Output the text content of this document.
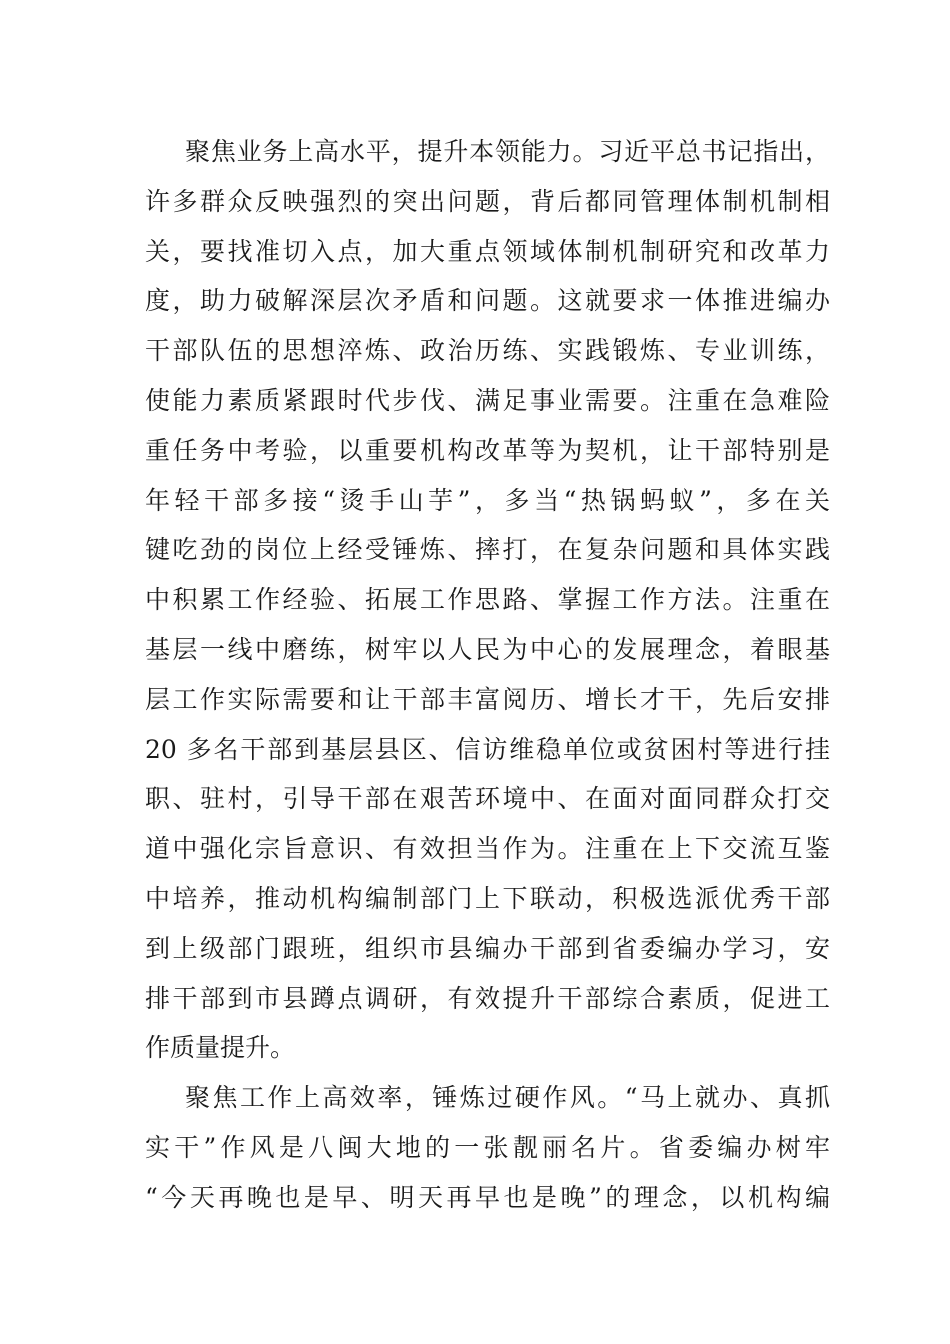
聚焦业务上高水平，提升本领能力。习近平总书记指出，
许多群众反映强烈的突出问题，背后都同管理体制机制相
关，要找准切入点，加大重点领域体制机制研究和改革力
度，助力破解深层次矛盾和问题。这就要求一体推进编办
干部队伍的思想淬炼、政治历练、实践锻炼、专业训练，
使能力素质紧跟时代步伐、满足事业需要。注重在急难险
重任务中考验，以重要机构改革等为契机，让干部特别是
年轻干部多接“烫手山芋”，多当“热锅蚂蚁”，多在关
键吃劲的岗位上经受锤炼、摔打，在复杂问题和具体实践
中积累工作经验、拓展工作思路、掌握工作方法。注重在
基层一线中磨练，树牢以人民为中心的发展理念，着眼基
层工作实际需要和让干部丰富阅历、增长才干，先后安排
20 多名干部到基层县区、信访维稳单位或贫困村等进行挂
职、驻村，引导干部在艰苦环境中、在面对面同群众打交
道中强化宗旨意识、有效担当作为。注重在上下交流互鉴
中培养，推动机构编制部门上下联动，积极选派优秀干部
到上级部门跟班，组织市县编办干部到省委编办学习，安
排干部到市县蹲点调研，有效提升干部综合素质，促进工
作质量提升。
聚焦工作上高效率，锤炼过硬作风。“马上就办、真抓
实干”作风是八闽大地的一张靓丽名片。省委编办树牢
“今天再晚也是早、明天再早也是晚”的理念，以机构编
